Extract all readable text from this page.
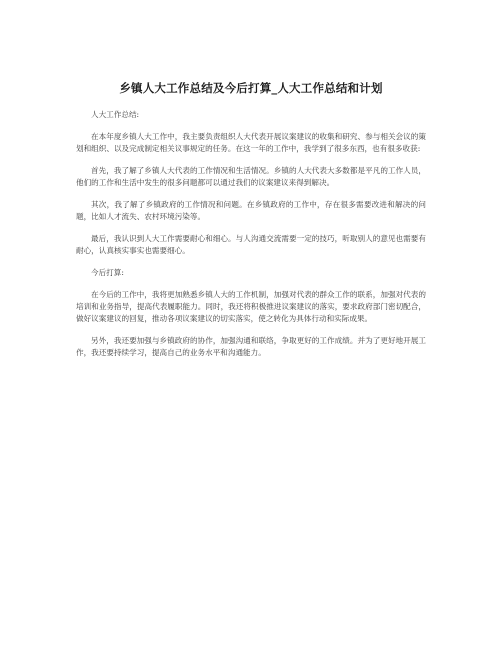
乡镇人大工作总结及今后打算_人大工作总结和计划

人大工作总结:

在本年度乡镇人大工作中，我主要负责组织人大代表开展议案建议的收集和研究、参与相关会议的策划和组织、以及完成制定相关议事规定的任务。在这一年的工作中，我学到了很多东西，也有很多收获:

首先，我了解了乡镇人大代表的工作情况和生活情况。乡镇的人大代表大多数都是平凡的工作人员，他们的工作和生活中发生的很多问题都可以通过我们的议案建议来得到解决。

其次，我了解了乡镇政府的工作情况和问题。在乡镇政府的工作中，存在很多需要改进和解决的问题，比如人才流失、农村环境污染等。

最后，我认识到人大工作需要耐心和细心。与人沟通交流需要一定的技巧，听取别人的意见也需要有耐心，认真核实事实也需要细心。

今后打算:

在今后的工作中，我将更加熟悉乡镇人大的工作机制，加强对代表的群众工作的联系，加强对代表的培训和业务指导，提高代表履职能力。同时，我还将积极推进议案建议的落实，要求政府部门密切配合，做好议案建议的回复，推动各项议案建议的切实落实，使之转化为具体行动和实际成果。

另外，我还要加强与乡镇政府的协作，加强沟通和联络，争取更好的工作成绩。并为了更好地开展工作，我还要持续学习，提高自己的业务水平和沟通能力。
